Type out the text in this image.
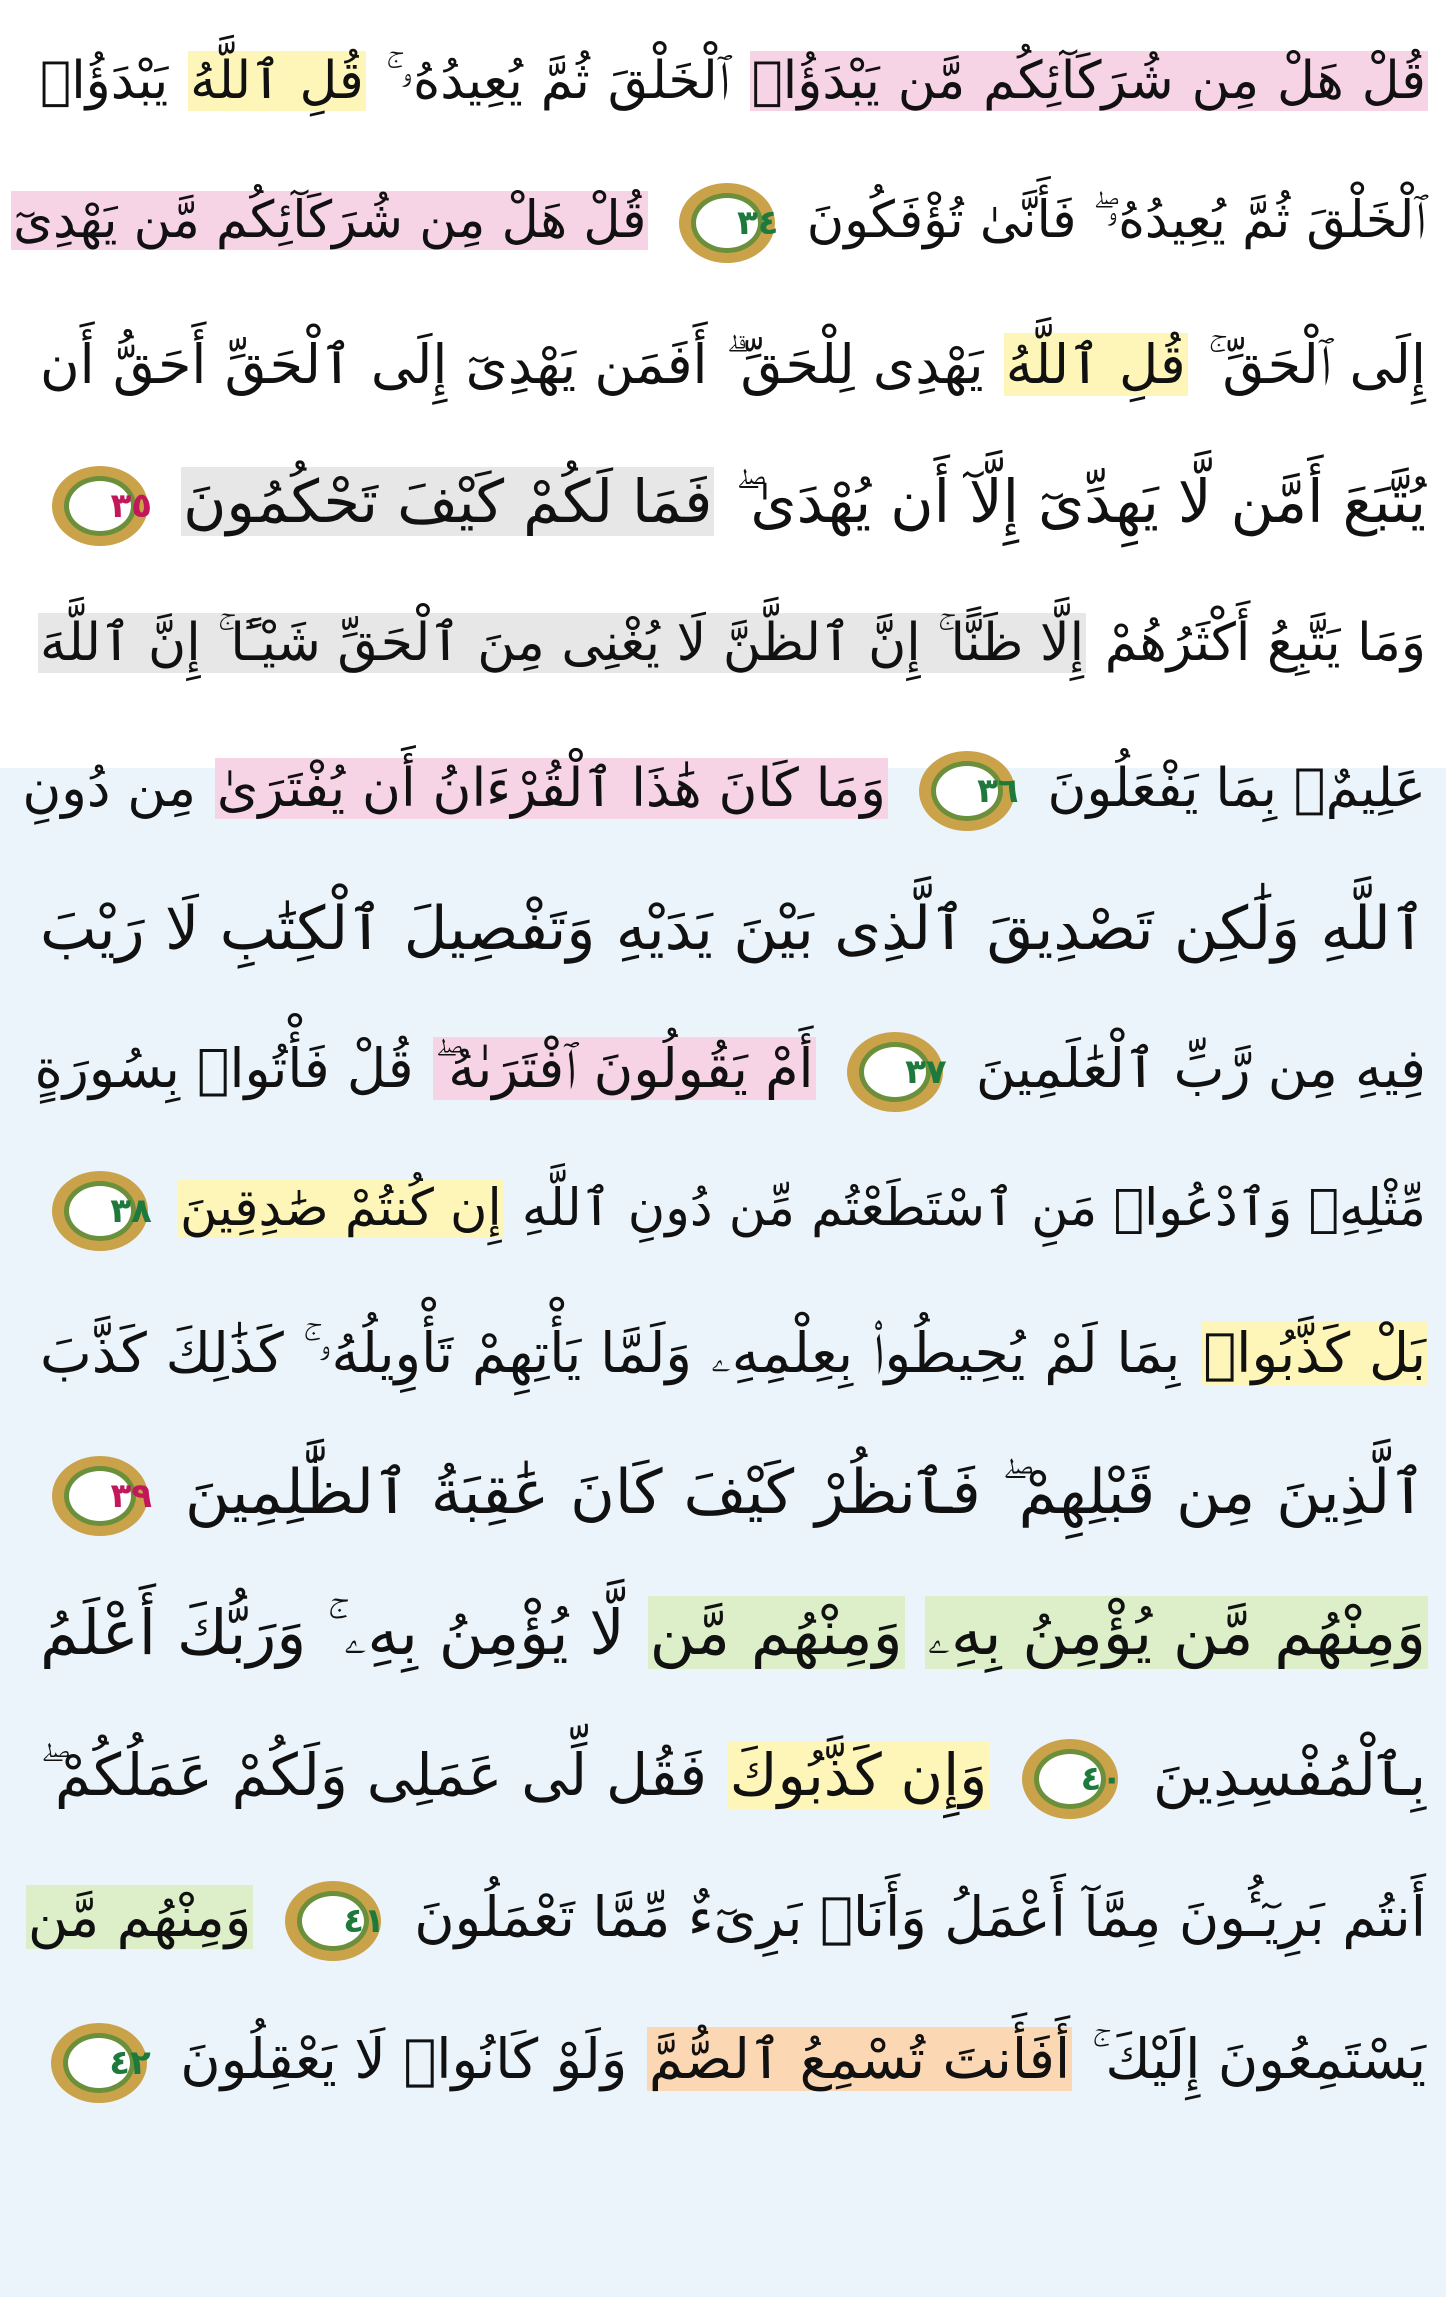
قُلْ هَلْ مِن شُرَكَآئِكُم مَّن يَبْدَؤُا۟ ٱلْخَلْقَ ثُمَّ يُعِيدُهُۥ ۚ قُلِ ٱللَّهُ يَبْدَؤُا۟
ٱلْخَلْقَ ثُمَّ يُعِيدُهُۥ ۖ فَأَنَّىٰ تُؤْفَكُونَ
٣٤
قُلْ هَلْ مِن شُرَكَآئِكُم مَّن يَهْدِىٓ
إِلَى ٱلْحَقِّ ۚ قُلِ ٱللَّهُ يَهْدِى لِلْحَقِّ ۗ أَفَمَن يَهْدِىٓ إِلَى ٱلْحَقِّ أَحَقُّ أَن
يُتَّبَعَ أَمَّن لَّا يَهِدِّىٓ إِلَّآ أَن يُهْدَىٰ ۖ فَمَا لَكُمْ كَيْفَ تَحْكُمُونَ
٣٥
وَمَا يَتَّبِعُ أَكْثَرُهُمْ إِلَّا ظَنًّا ۚ إِنَّ ٱلظَّنَّ لَا يُغْنِى مِنَ ٱلْحَقِّ شَيْـًٔا ۚ إِنَّ ٱللَّهَ
عَلِيمٌۢ بِمَا يَفْعَلُونَ
٣٦
وَمَا كَانَ هَٰذَا ٱلْقُرْءَانُ أَن يُفْتَرَىٰ مِن دُونِ
ٱللَّهِ وَلَٰكِن تَصْدِيقَ ٱلَّذِى بَيْنَ يَدَيْهِ وَتَفْصِيلَ ٱلْكِتَٰبِ لَا رَيْبَ
فِيهِ مِن رَّبِّ ٱلْعَٰلَمِينَ
٣٧
أَمْ يَقُولُونَ ٱفْتَرَىٰهُ ۖ قُلْ فَأْتُوا۟ بِسُورَةٍ
مِّثْلِهِۦ وَٱدْعُوا۟ مَنِ ٱسْتَطَعْتُم مِّن دُونِ ٱللَّهِ إِن كُنتُمْ صَٰدِقِينَ
٣٨
بَلْ كَذَّبُوا۟ بِمَا لَمْ يُحِيطُوا۟ بِعِلْمِهِۦ وَلَمَّا يَأْتِهِمْ تَأْوِيلُهُۥ ۚ كَذَٰلِكَ كَذَّبَ
ٱلَّذِينَ مِن قَبْلِهِمْ ۖ فَٱنظُرْ كَيْفَ كَانَ عَٰقِبَةُ ٱلظَّٰلِمِينَ
٣٩
وَمِنْهُم مَّن يُؤْمِنُ بِهِۦ وَمِنْهُم مَّن لَّا يُؤْمِنُ بِهِۦ ۚ وَرَبُّكَ أَعْلَمُ
بِٱلْمُفْسِدِينَ
٤٠
وَإِن كَذَّبُوكَ فَقُل لِّى عَمَلِى وَلَكُمْ عَمَلُكُمْ ۖ
أَنتُم بَرِيٓـُٔونَ مِمَّآ أَعْمَلُ وَأَنَا۠ بَرِىٓءٌ مِّمَّا تَعْمَلُونَ
٤١
وَمِنْهُم مَّن
يَسْتَمِعُونَ إِلَيْكَ ۚ أَفَأَنتَ تُسْمِعُ ٱلصُّمَّ وَلَوْ كَانُوا۟ لَا يَعْقِلُونَ
٤٢
